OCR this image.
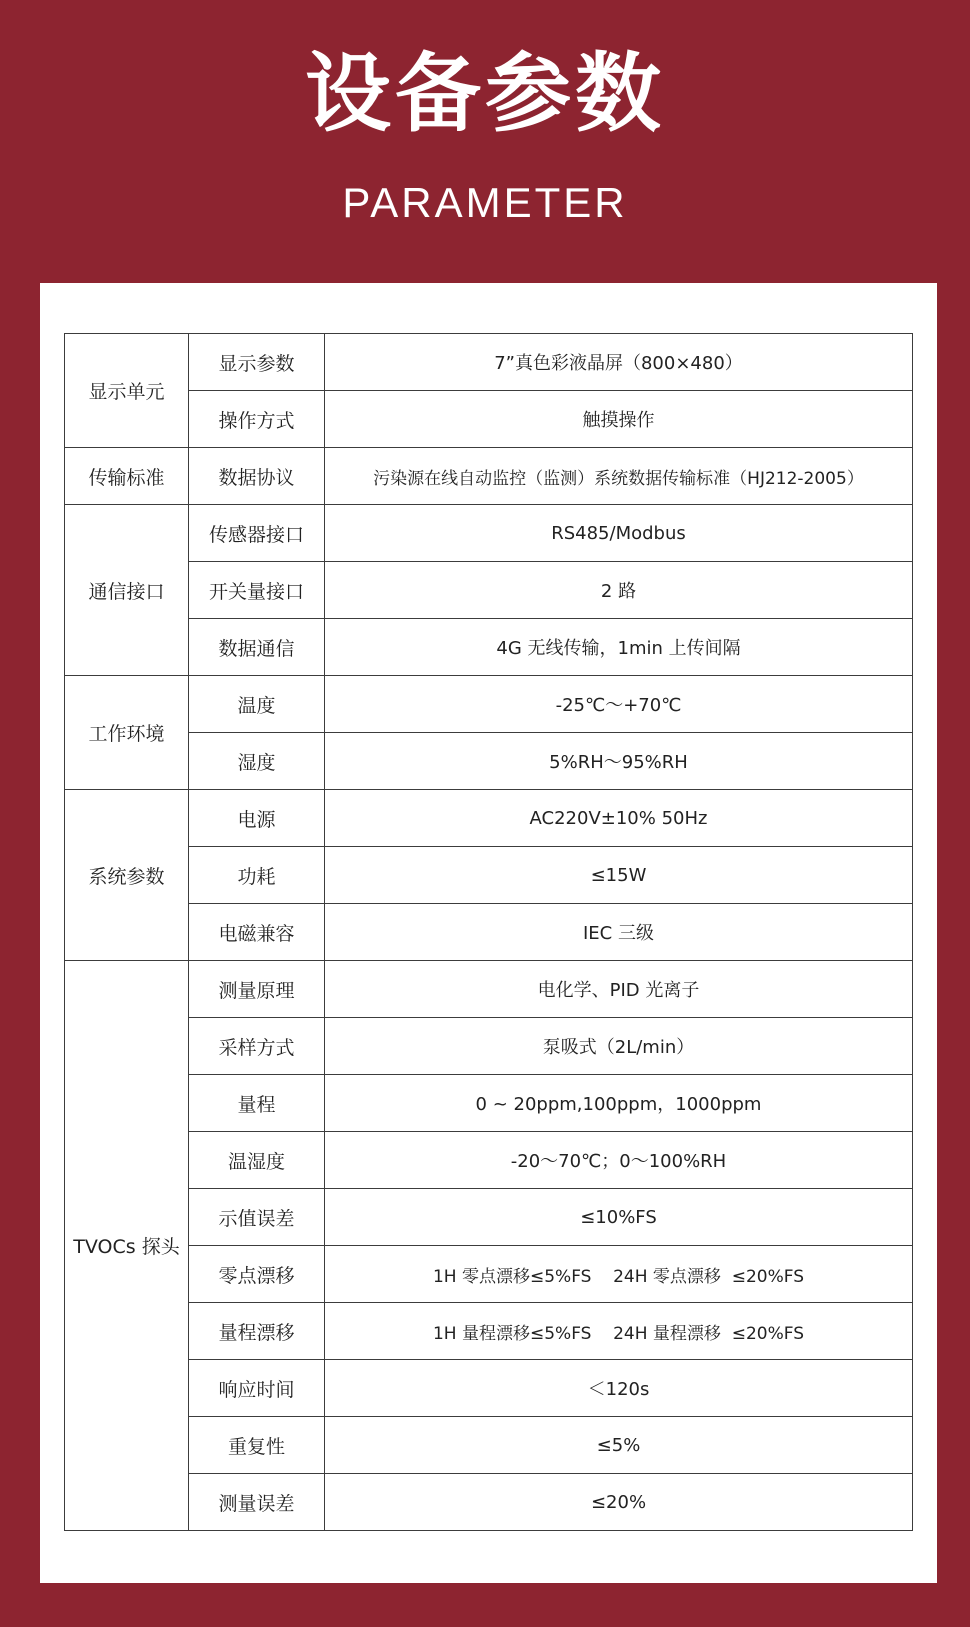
设备参数
PARAMETER
显示单元	显示参数	7”真色彩液晶屏（800×480）
	操作方式	触摸操作
传输标准	数据协议	污染源在线自动监控（监测）系统数据传输标准（HJ212-2005）
通信接口	传感器接口	RS485/Modbus
	开关量接口	2 路
	数据通信	4G 无线传输，1min 上传间隔
工作环境	温度	-25℃～+70℃
	湿度	5%RH～95%RH
系统参数	电源	AC220V±10% 50Hz
	功耗	≤15W
	电磁兼容	IEC 三级
TVOCs 探头	测量原理	电化学、PID 光离子
	采样方式	泵吸式（2L/min）
	量程	0 ~ 20ppm,100ppm，1000ppm
	温湿度	-20～70℃；0～100%RH
	示值误差	≤10%FS
	零点漂移	1H 零点漂移≤5%FS    24H 零点漂移  ≤20%FS
	量程漂移	1H 量程漂移≤5%FS    24H 量程漂移  ≤20%FS
	响应时间	＜120s
	重复性	≤5%
	测量误差	≤20%
